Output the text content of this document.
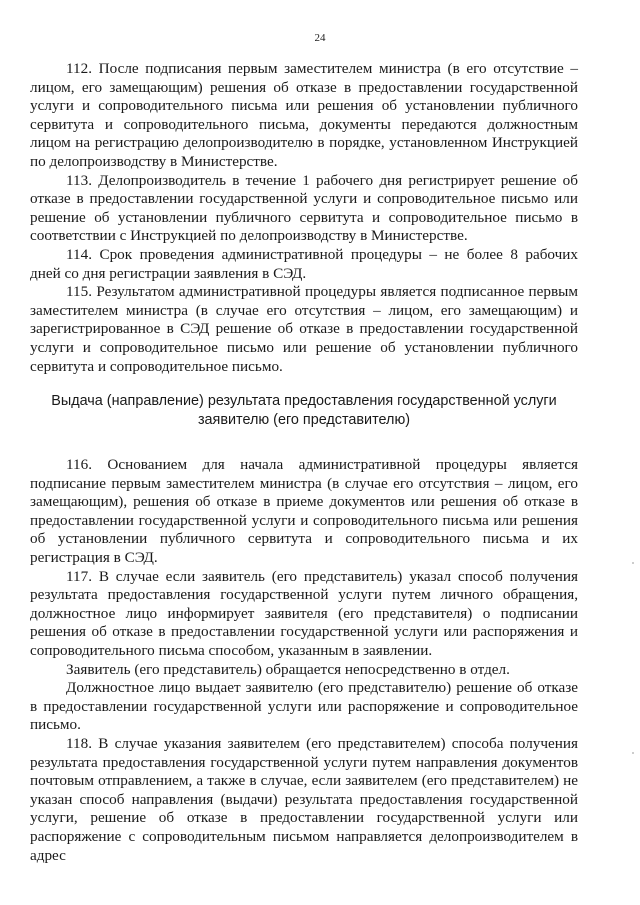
24

112. После подписания первым заместителем министра (в его отсутствие – лицом, его замещающим) решения об отказе в предоставлении государственной услуги и сопроводительного письма или решения об установлении публичного сервитута и сопроводительного письма, документы передаются должностным лицом на регистрацию делопроизводителю в порядке, установленном Инструкцией по делопроизводству в Министерстве.

113. Делопроизводитель в течение 1 рабочего дня регистрирует решение об отказе в предоставлении государственной услуги и сопроводительное письмо или решение об установлении публичного сервитута и сопроводительное письмо в соответствии с Инструкцией по делопроизводству в Министерстве.

114. Срок проведения административной процедуры – не более 8 рабочих дней со дня регистрации заявления в СЭД.

115. Результатом административной процедуры является подписанное первым заместителем министра (в случае его отсутствия – лицом, его замещающим) и зарегистрированное в СЭД решение об отказе в предоставлении государственной услуги и сопроводительное письмо или решение об установлении публичного сервитута и сопроводительное письмо.

Выдача (направление) результата предоставления государственной услуги заявителю (его представителю)

116. Основанием для начала административной процедуры является подписание первым заместителем министра (в случае его отсутствия – лицом, его замещающим), решения об отказе в приеме документов или решения об отказе в предоставлении государственной услуги и сопроводительного письма или решения об установлении публичного сервитута и сопроводительного письма и их регистрация в СЭД.

117. В случае если заявитель (его представитель) указал способ получения результата предоставления государственной услуги путем личного обращения, должностное лицо информирует заявителя (его представителя) о подписании решения об отказе в предоставлении государственной услуги или распоряжения и сопроводительного письма способом, указанным в заявлении.

Заявитель (его представитель) обращается непосредственно в отдел.

Должностное лицо выдает заявителю (его представителю) решение об отказе в предоставлении государственной услуги или распоряжение и сопроводительное письмо.

118. В случае указания заявителем (его представителем) способа получения результата предоставления государственной услуги путем направления документов почтовым отправлением, а также в случае, если заявителем (его представителем) не указан способ направления (выдачи) результата предоставления государственной услуги, решение об отказе в предоставлении государственной услуги или распоряжение с сопроводительным письмом направляется делопроизводителем в адрес
